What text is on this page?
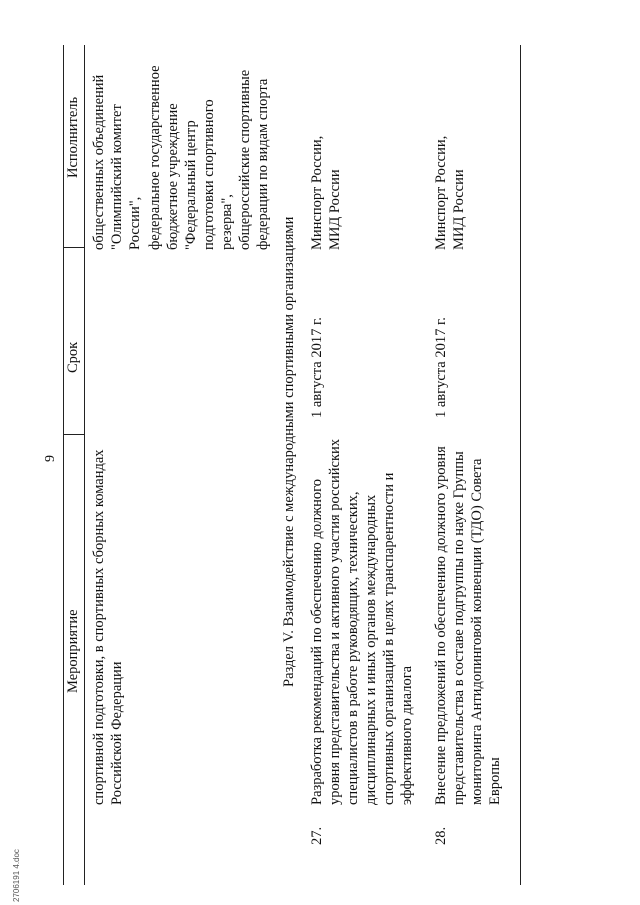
9
Мероприятие
Срок
Исполнитель
спортивной подготовки, в спортивных сборных командах Российской Федерации
общественных объединений "Олимпийский комитет России", федеральное государственное бюджетное учреждение "Федеральный центр подготовки спортивного резерва", общероссийские спортивные федерации по видам спорта
Раздел V. Взаимодействие с международными спортивными организациями
27.
Разработка рекомендаций по обеспечению должного уровня представительства и активного участия российских специалистов в работе руководящих, технических, дисциплинарных и иных органов международных спортивных организаций в целях транспарентности и эффективного диалога
1 августа 2017 г.
Минспорт России, МИД России
28.
Внесение предложений по обеспечению должного уровня представительства в составе подгруппы по науке Группы мониторинга Антидопинговой конвенции (ТДО) Совета Европы
1 августа 2017 г.
Минспорт России, МИД России
2706191 4.doc
